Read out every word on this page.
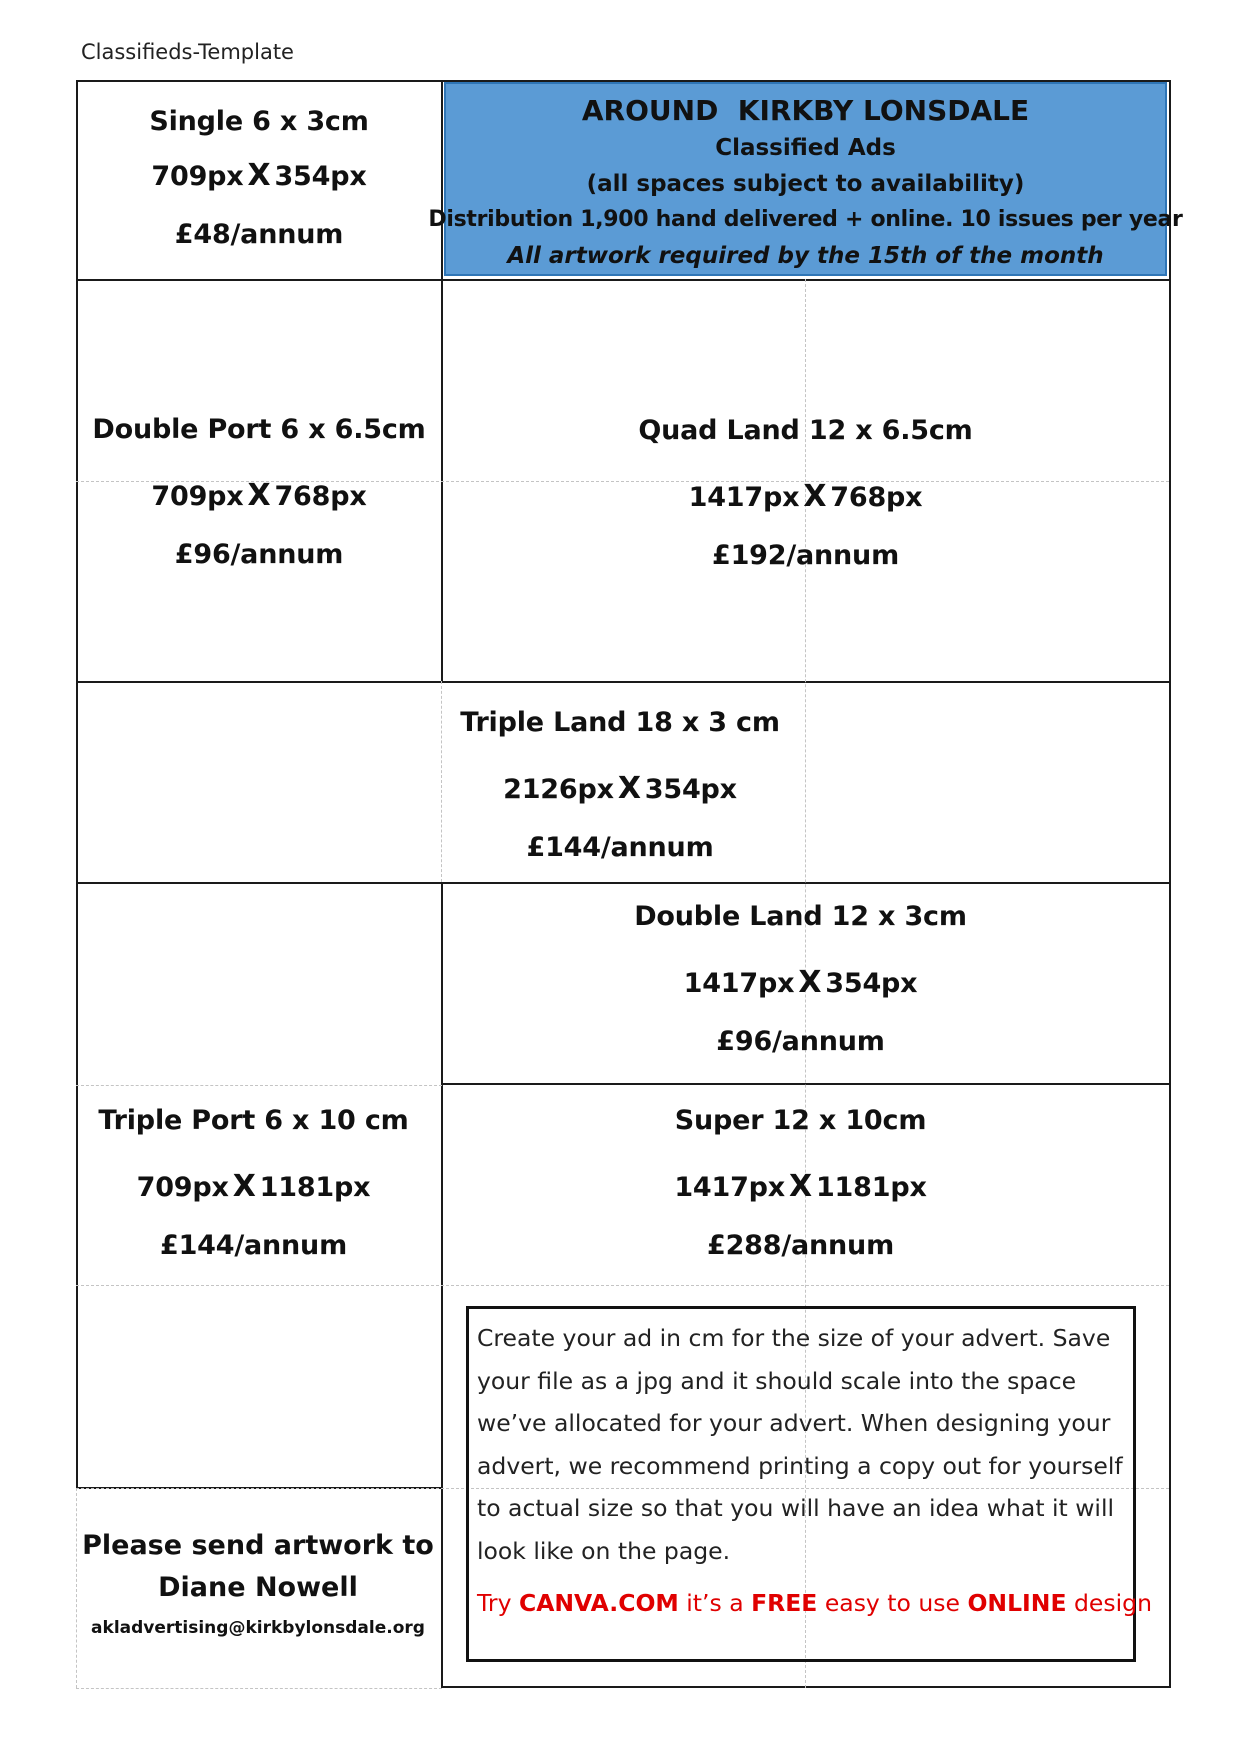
Classifieds-Template
AROUND  KIRKBY LONSDALE
Classified Ads
(all spaces subject to availability)
Distribution 1,900 hand delivered + online. 10 issues per year
All artwork required by the 15th of the month
Single 6 x 3cm
709px X 354px
£48/annum
Double Port 6 x 6.5cm
709px X 768px
£96/annum
Quad Land 12 x 6.5cm
1417px X 768px
£192/annum
Triple Land 18 x 3 cm
2126px X 354px
£144/annum
Double Land 12 x 3cm
1417px X 354px
£96/annum
Triple Port 6 x 10 cm
709px X 1181px
£144/annum
Super 12 x 10cm
1417px X 1181px
£288/annum
Create your ad in cm for the size of your advert. Save your file as a jpg and it should scale into the space we’ve allocated for your advert. When designing your advert, we recommend printing a copy out for yourself to actual size so that you will have an idea what it will look like on the page.
Try CANVA.COM it’s a FREE easy to use ONLINE design
Please send artwork to
Diane Nowell
akladvertising@kirkbylonsdale.org
